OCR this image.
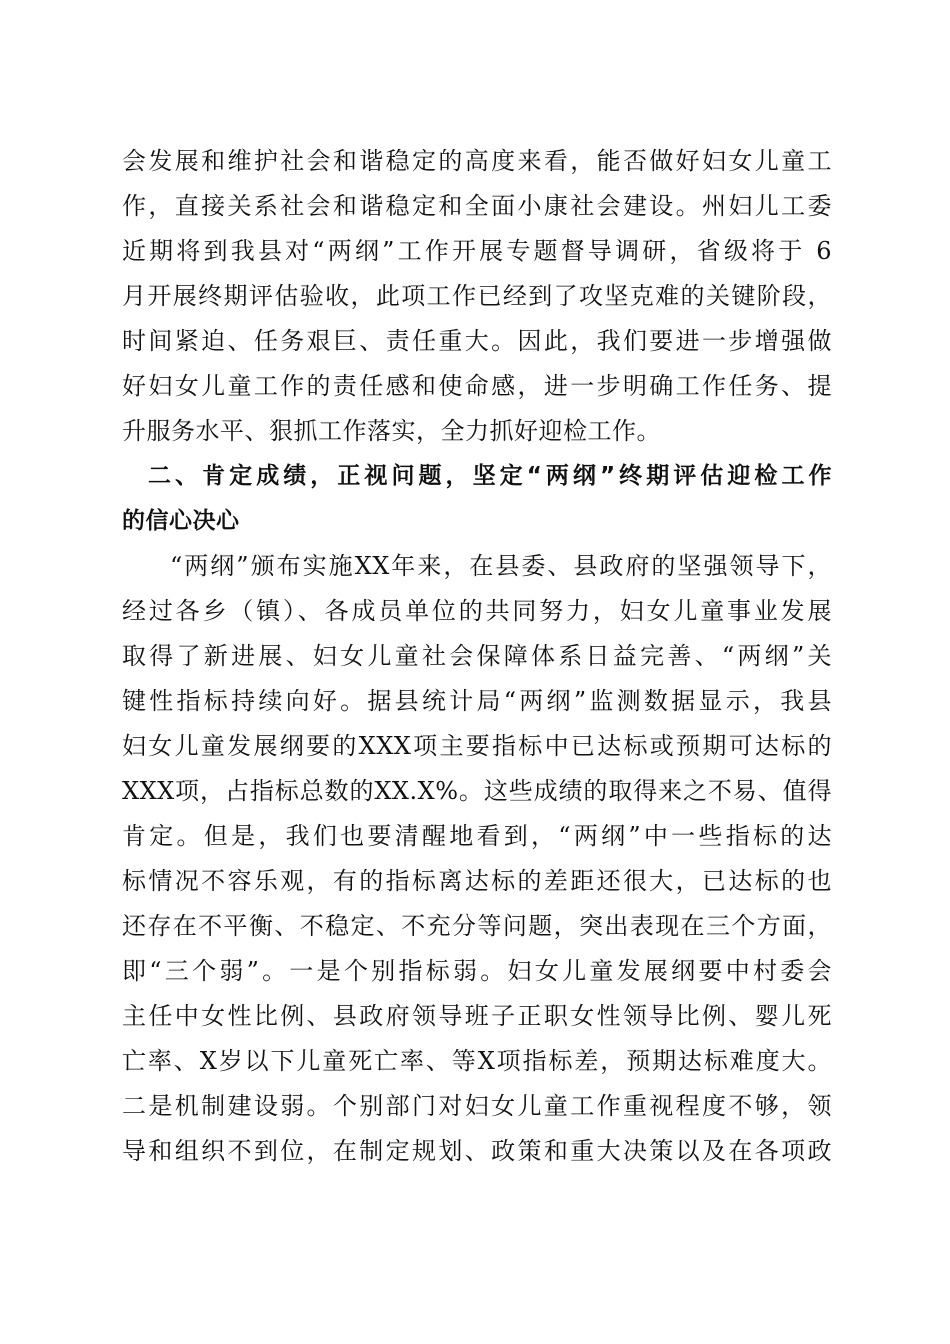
会发展和维护社会和谐稳定的高度来看，能否做好妇女儿童工
作，直接关系社会和谐稳定和全面小康社会建设。州妇儿工委
近期将到我县对“两纲”工作开展专题督导调研，省级将于 6
月开展终期评估验收，此项工作已经到了攻坚克难的关键阶段，
时间紧迫、任务艰巨、责任重大。因此，我们要进一步增强做
好妇女儿童工作的责任感和使命感，进一步明确工作任务、提
升服务水平、狠抓工作落实，全力抓好迎检工作。
二、肯定成绩，正视问题，坚定“两纲”终期评估迎检工作
的信心决心
“两纲”颁布实施XX年来，在县委、县政府的坚强领导下，
经过各乡（镇）、各成员单位的共同努力，妇女儿童事业发展
取得了新进展、妇女儿童社会保障体系日益完善、“两纲”关
键性指标持续向好。据县统计局“两纲”监测数据显示，我县
妇女儿童发展纲要的XXX项主要指标中已达标或预期可达标的
XXX项，占指标总数的XX.X%。这些成绩的取得来之不易、值得
肯定。但是，我们也要清醒地看到，“两纲”中一些指标的达
标情况不容乐观，有的指标离达标的差距还很大，已达标的也
还存在不平衡、不稳定、不充分等问题，突出表现在三个方面，
即“三个弱”。一是个别指标弱。妇女儿童发展纲要中村委会
主任中女性比例、县政府领导班子正职女性领导比例、婴儿死
亡率、X岁以下儿童死亡率、等X项指标差，预期达标难度大。
二是机制建设弱。个别部门对妇女儿童工作重视程度不够，领
导和组织不到位，在制定规划、政策和重大决策以及在各项政
